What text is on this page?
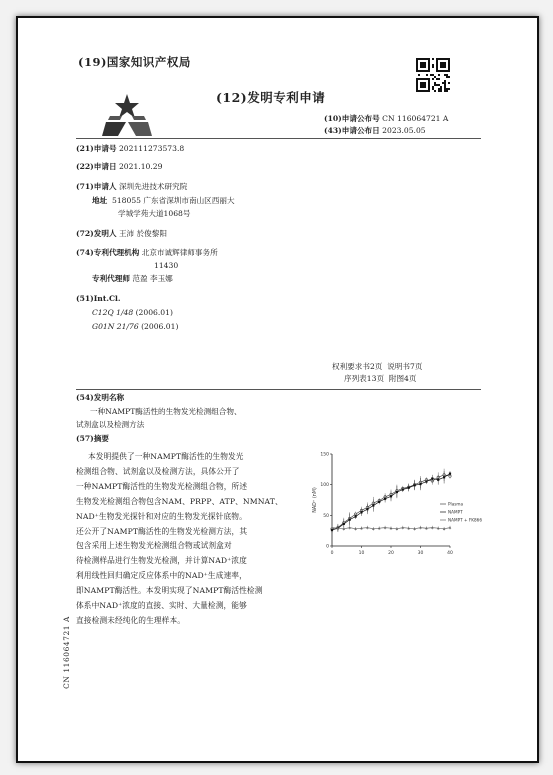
(19)国家知识产权局
(12)发明专利申请
(10)申请公布号 CN 116064721 A
(43)申请公布日 2023.05.05
(21)申请号 202111273573.8
(22)申请日 2021.10.29
(71)申请人 深圳先进技术研究院
地址 518055 广东省深圳市南山区西丽大
学城学苑大道1068号
(72)发明人 王沛 於俊黎阳
(74)专利代理机构 北京市诚辉律师事务所
11430
专利代理师 范盈 李玉娜
(51)Int.Cl.
C12Q 1/48 (2006.01)
G01N 21/76 (2006.01)
权利要求书2页 说明书7页
序列表13页 附图4页
(54)发明名称
一种NAMPT酶活性的生物发光检测组合物、
试剂盒以及检测方法
(57)摘要
本发明提供了一种NAMPT酶活性的生物发光
检测组合物、试剂盒以及检测方法，具体公开了
一种NAMPT酶活性的生物发光检测组合物，所述
生物发光检测组合物包含NAM、PRPP、ATP、NMNAT、
NAD⁺生物发光探针和对应的生物发光探针底物。
还公开了NAMPT酶活性的生物发光检测方法，其
包含采用上述生物发光检测组合物或试剂盒对
待检测样品进行生物发光检测，并计算NAD⁺浓度
利用线性回归确定反应体系中的NAD⁺生成速率，
即NAMPT酶活性。本发明实现了NAMPT酶活性检测
体系中NAD⁺浓度的直接、实时、大量检测，能够
直接检测未经纯化的生理样本。
CN 116064721 A
0	10	20	30	40
0
50
100
150
NAD⁺ (nM)	Plasma
NAMPT
NAMPT + FK866
